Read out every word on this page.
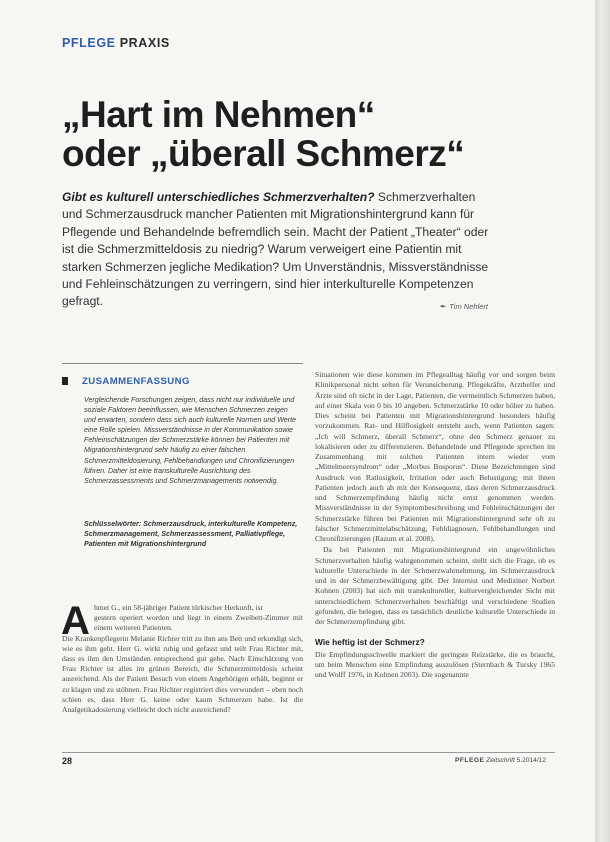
PFLEGE PRAXIS
„Hart im Nehmen“
oder „überall Schmerz“
Gibt es kulturell unterschiedliches Schmerzverhalten? Schmerzverhalten und Schmerzausdruck mancher Patienten mit Migrationshintergrund kann für Pflegende und Behandelnde befremdlich sein. Macht der Patient „Theater“ oder ist die Schmerzmitteldosis zu niedrig? Warum verweigert eine Patientin mit starken Schmerzen jegliche Medikation? Um Unverständnis, Missverständnisse und Fehleinschätzungen zu verringern, sind hier interkulturelle Kompetenzen gefragt.	✒ Tim Nehlert
ZUSAMMENFASSUNG
Vergleichende Forschungen zeigen, dass nicht nur individuelle und soziale Faktoren beeinflussen, wie Menschen Schmerzen zeigen und erwarten, sondern dass sich auch kulturelle Normen und Werte eine Rolle spielen. Missverständnisse in der Kommunikation sowie Fehleinschätzungen der Schmerzstärke können bei Patienten mit Migrationshintergrund sehr häufig zu einer falschen Schmerzmitteldosierung, Fehlbehandlungen und Chronifizierungen führen. Daher ist eine transkulturelle Ausrichtung des Schmerzassessments und Schmerzmanagements notwendig.
Schlüsselwörter: Schmerzausdruck, interkulturelle Kompetenz, Schmerzmanagement, Schmerzassessment, Palliativpflege, Patienten mit Migrationshintergrund
A hmet G., ein 58-jähriger Patient türkischer Herkunft, ist
gestern operiert worden und liegt in einem Zweibett-Zimmer mit einem weiteren Patienten.
Die Krankenpflegerin Melanie Richter tritt zu ihm ans Bett und erkundigt sich, wie es ihm geht. Herr G. wirkt ruhig und gefasst und teilt Frau Richter mit, dass es ihm den Umständen entsprechend gut gehe. Nach Einschätzung von Frau Richter ist alles im grünen Bereich, die Schmerzmitteldosis scheint ausreichend. Als der Patient Besuch von einem Angehörigen erhält, beginnt er zu klagen und zu stöhnen. Frau Richter registriert dies verwundert – eben noch schien es, dass Herr G. keine oder kaum Schmerzen habe. Ist die Analgetikadosierung vielleicht doch nicht ausreichend?

Situationen wie diese kommen im Pflegealltag häufig vor und sorgen beim Klinikpersonal nicht selten für Verunsicherung. Pflegekräfte, Arzthelfer und Ärzte sind oft nicht in der Lage, Patienten, die vermeintlich Schmerzen haben, auf einer Skala von 0 bis 10 angeben. Schmerzstärke 10 oder höher zu haben. Dies scheint bei Patienten mit Migrationshintergrund besonders häufig vorzukommen. Rat- und Hilflosigkeit entsteht auch, wenn Patienten sagen: „Ich will Schmerz, überall Schmerz“, ohne den Schmerz genauer zu lokalisieren oder zu differenzieren. Behandelnde und Pflegende sprechen im Zusammenhang mit solchen Patienten intern wieder vom „Mittelmeersyndrom“ oder „Morbus Bosporus“. Diese Bezeichnungen sind Ausdruck von Ratlosigkeit, Irritation oder auch Belustigung; mit ihnen Patienten jedoch auch ab mit der Konsequenz, dass deren Schmerzausdruck und Schmerzempfindung häufig nicht ernst genommen werden. Missverständnisse in der Symptombeschreibung und Fehleinschätzungen der Schmerzstärke führen bei Patienten mit Migrationshintergrund sehr oft zu falscher Schmerzmittelabschätzung, Fehldiagnosen, Fehlbehandlungen und Chronifizierungen (Razum et al. 2008).

Da bei Patienten mit Migrationshintergrund ein ungewöhnliches Schmerzverhalten häufig wahrgenommen scheint, stellt sich die Frage, ob es kulturelle Unterschiede in der Schmerzwahrnehmung, im Schmerzausdruck und in der Schmerzbewältigung gibt. Der Internist und Mediziner Norbert Kohnen (2003) hat sich mit transkultureller, kulturvergleichender Sicht mit unterschiedlichem Schmerzverhalten beschäftigt und verschiedene Studien gefunden, die belegen, dass es tatsächlich deutliche kulturelle Unterschiede in der Schmerzempfindung gibt.

Wie heftig ist der Schmerz?

Die Empfindungsschwelle markiert die geringste Reizstärke, die es braucht, um beim Menschen eine Empfindung auszulösen (Sternbach & Tursky 1965 und Wolff 1976, in Kohnen 2003). Die sogenannte

28	PFLEGE Zeitschrift 5.2014/12
